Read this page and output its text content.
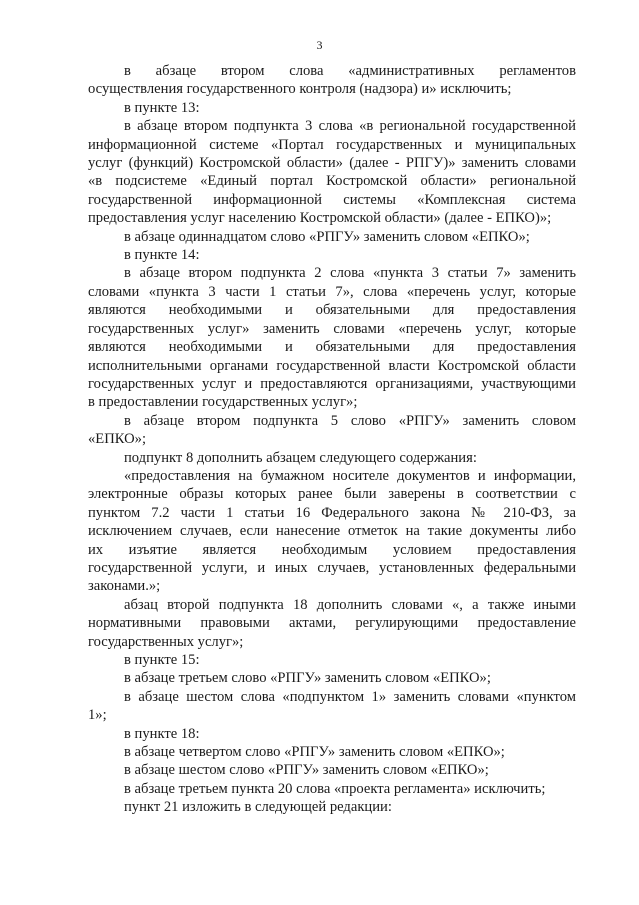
3

в абзаце втором слова «административных регламентов

осуществления государственного контроля (надзора) и» исключить;

в пункте 13:

в абзаце втором подпункта 3 слова «в региональной государственной

информационной системе «Портал государственных и муниципальных

услуг (функций) Костромской области» (далее - РПГУ)» заменить словами

«в подсистеме «Единый портал Костромской области» региональной

государственной информационной системы «Комплексная система

предоставления услуг населению Костромской области» (далее - ЕПКО)»;

в абзаце одиннадцатом слово «РПГУ» заменить словом «ЕПКО»;

в пункте 14:

в абзаце втором подпункта 2 слова «пункта 3 статьи 7» заменить

словами «пункта 3 части 1 статьи 7», слова «перечень услуг, которые

являются необходимыми и обязательными для предоставления

государственных услуг» заменить словами «перечень услуг, которые

являются необходимыми и обязательными для предоставления

исполнительными органами государственной власти Костромской области

государственных услуг и предоставляются организациями, участвующими

в предоставлении государственных услуг»;

в абзаце втором подпункта 5 слово «РПГУ» заменить словом

«ЕПКО»;

подпункт 8 дополнить абзацем следующего содержания:

«предоставления на бумажном носителе документов и информации,

электронные образы которых ранее были заверены в соответствии с

пунктом 7.2 части 1 статьи 16 Федерального закона № 210-ФЗ, за

исключением случаев, если нанесение отметок на такие документы либо

их изъятие является необходимым условием предоставления

государственной услуги, и иных случаев, установленных федеральными

законами.»;

абзац второй подпункта 18 дополнить словами «, а также иными

нормативными правовыми актами, регулирующими предоставление

государственных услуг»;

в пункте 15:

в абзаце третьем слово «РПГУ» заменить словом «ЕПКО»;

в абзаце шестом слова «подпунктом 1» заменить словами «пунктом

1»;

в пункте 18:

в абзаце четвертом слово «РПГУ» заменить словом «ЕПКО»;

в абзаце шестом слово «РПГУ» заменить словом «ЕПКО»;

в абзаце третьем пункта 20 слова «проекта регламента» исключить;

пункт 21 изложить в следующей редакции:
